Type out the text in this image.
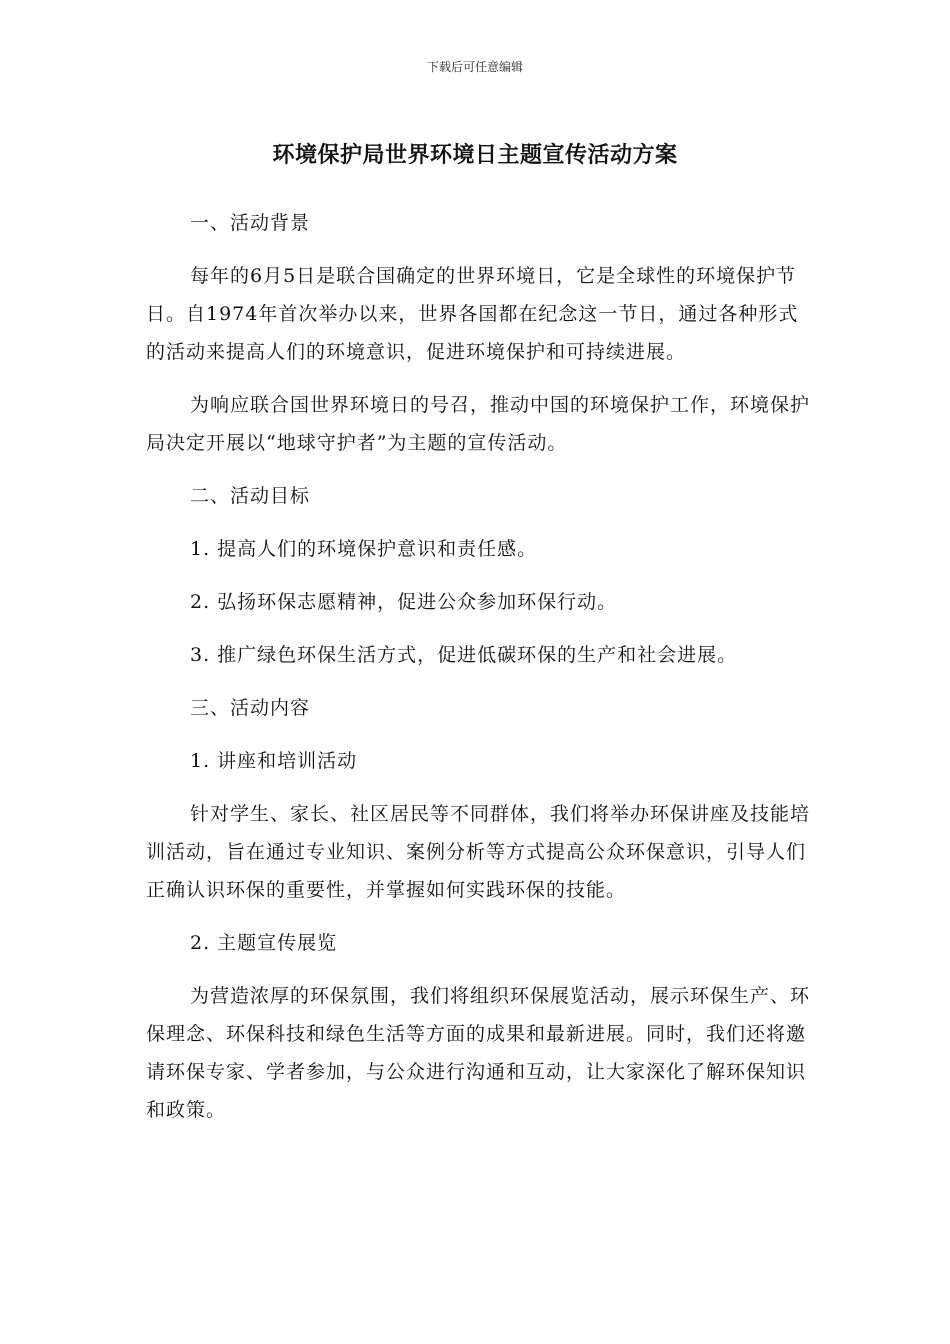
下载后可任意编辑
环境保护局世界环境日主题宣传活动方案

一、活动背景

每年的6月5日是联合国确定的世界环境日，它是全球性的环境保护节日。自1974年首次举办以来，世界各国都在纪念这一节日，通过各种形式的活动来提高人们的环境意识，促进环境保护和可持续进展。

为响应联合国世界环境日的号召，推动中国的环境保护工作，环境保护局决定开展以“地球守护者”为主题的宣传活动。

二、活动目标

1. 提高人们的环境保护意识和责任感。

2. 弘扬环保志愿精神，促进公众参加环保行动。

3. 推广绿色环保生活方式，促进低碳环保的生产和社会进展。

三、活动内容

1. 讲座和培训活动

针对学生、家长、社区居民等不同群体，我们将举办环保讲座及技能培训活动，旨在通过专业知识、案例分析等方式提高公众环保意识，引导人们正确认识环保的重要性，并掌握如何实践环保的技能。

2. 主题宣传展览

为营造浓厚的环保氛围，我们将组织环保展览活动，展示环保生产、环保理念、环保科技和绿色生活等方面的成果和最新进展。同时，我们还将邀请环保专家、学者参加，与公众进行沟通和互动，让大家深化了解环保知识和政策。
